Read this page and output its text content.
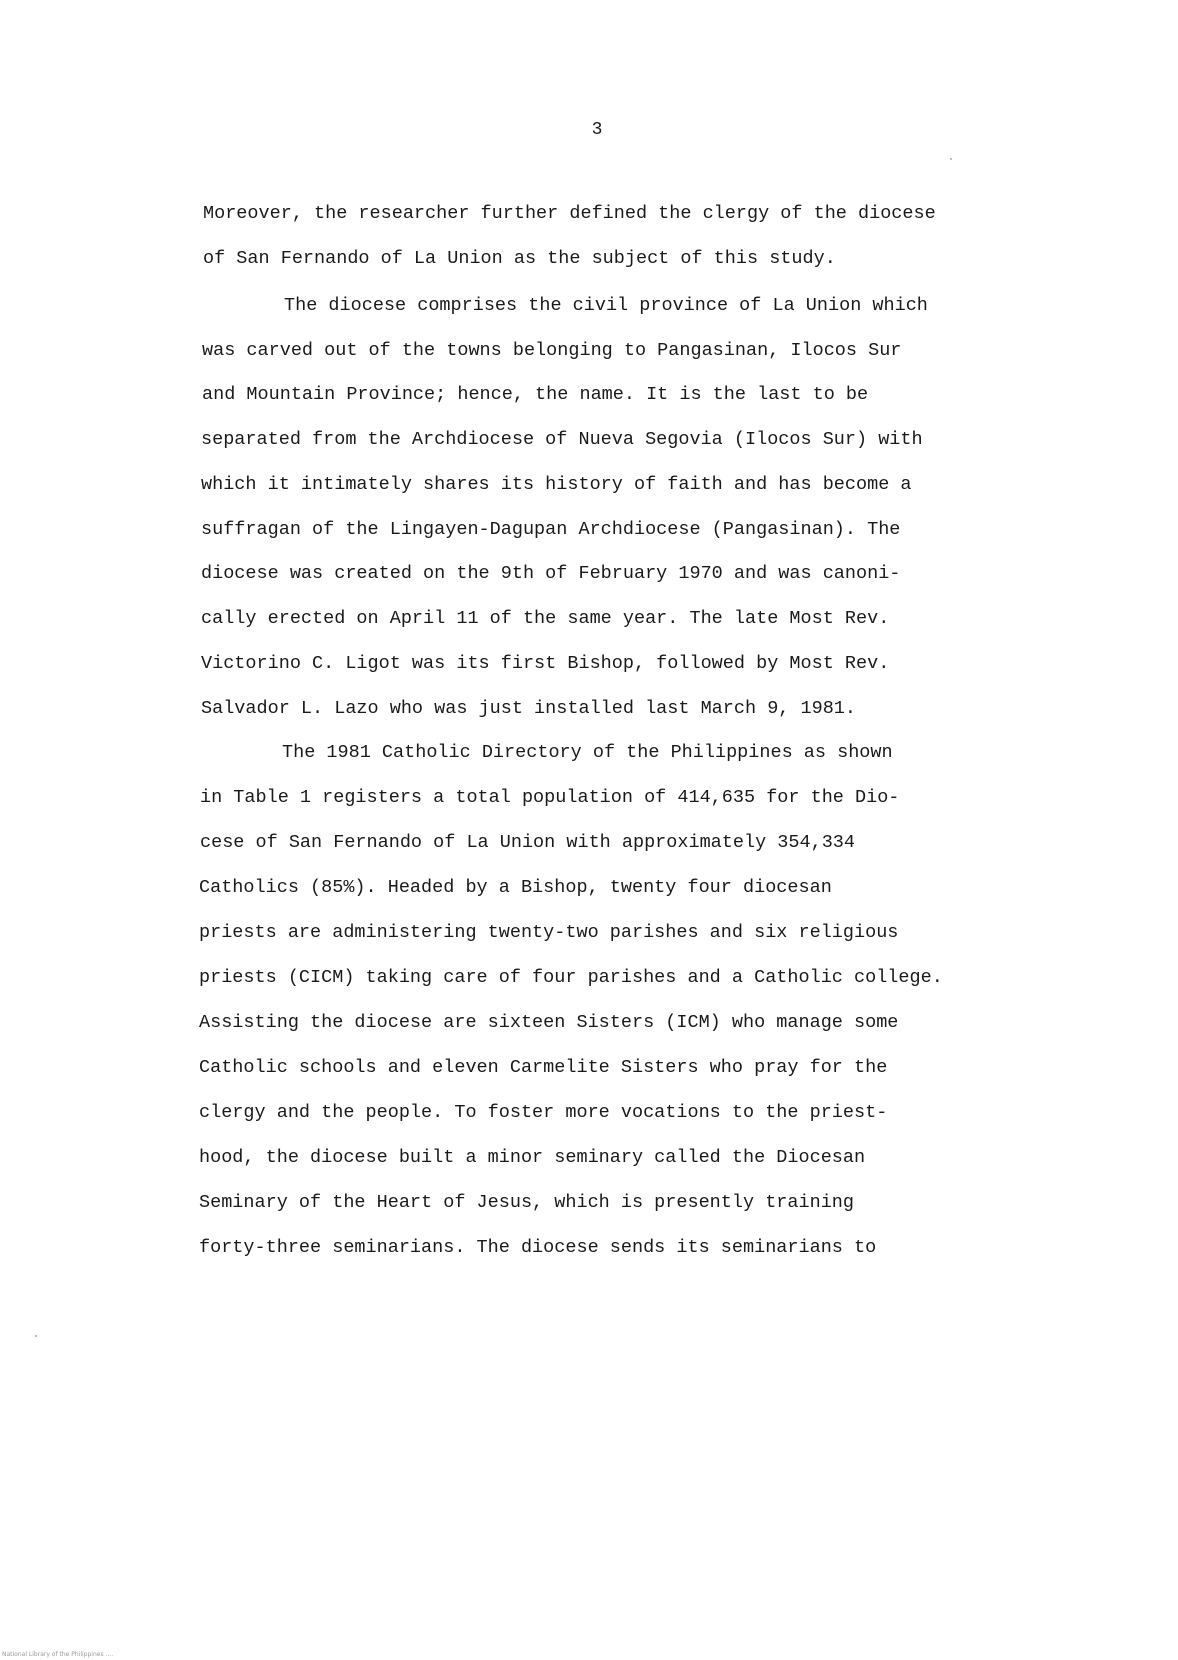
3
Moreover, the researcher further defined the clergy of the diocese
of San Fernando of La Union as the subject of this study.
The diocese comprises the civil province of La Union which
was carved out of the towns belonging to Pangasinan, Ilocos Sur
and Mountain Province; hence, the name. It is the last to be
separated from the Archdiocese of Nueva Segovia (Ilocos Sur) with
which it intimately shares its history of faith and has become a
suffragan of the Lingayen-Dagupan Archdiocese (Pangasinan). The
diocese was created on the 9th of February 1970 and was canoni-
cally erected on April 11 of the same year. The late Most Rev.
Victorino C. Ligot was its first Bishop, followed by Most Rev.
Salvador L. Lazo who was just installed last March 9, 1981.
The 1981 Catholic Directory of the Philippines as shown
in Table 1 registers a total population of 414,635 for the Dio-
cese of San Fernando of La Union with approximately 354,334
Catholics (85%). Headed by a Bishop, twenty four diocesan
priests are administering twenty-two parishes and six religious
priests (CICM) taking care of four parishes and a Catholic college.
Assisting the diocese are sixteen Sisters (ICM) who manage some
Catholic schools and eleven Carmelite Sisters who pray for the
clergy and the people. To foster more vocations to the priest-
hood, the diocese built a minor seminary called the Diocesan
Seminary of the Heart of Jesus, which is presently training
forty-three seminarians. The diocese sends its seminarians to
National Library of the Philippines ....
